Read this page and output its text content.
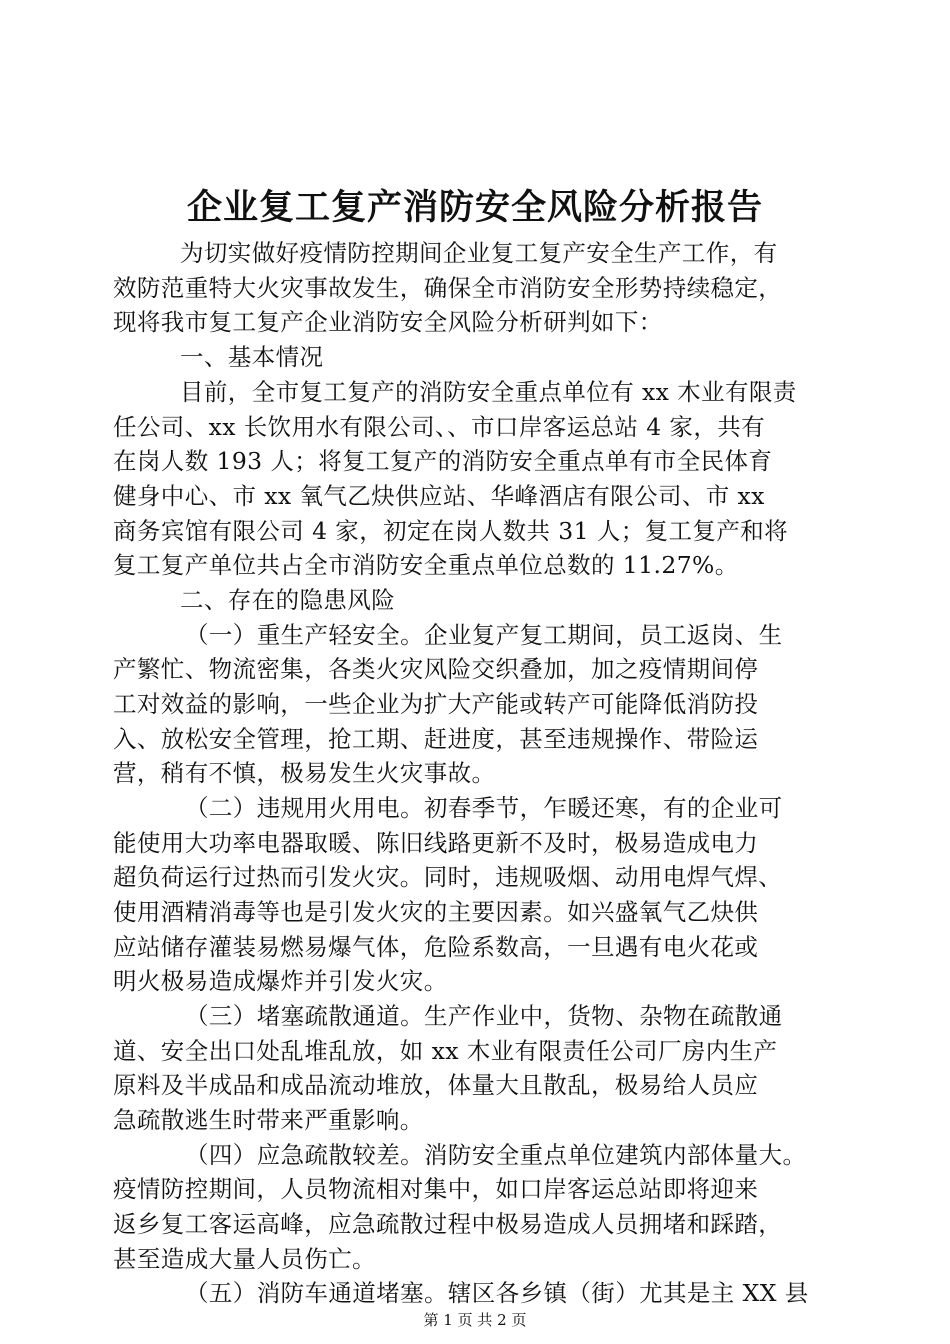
企业复工复产消防安全风险分析报告
为切实做好疫情防控期间企业复工复产安全生产工作，有
效防范重特大火灾事故发生，确保全市消防安全形势持续稳定，
现将我市复工复产企业消防安全风险分析研判如下：
一、基本情况
目前，全市复工复产的消防安全重点单位有 xx 木业有限责
任公司、xx 长饮用水有限公司、、市口岸客运总站 4 家，共有
在岗人数 193 人；将复工复产的消防安全重点单有市全民体育
健身中心、市 xx 氧气乙炔供应站、华峰酒店有限公司、市 xx
商务宾馆有限公司 4 家，初定在岗人数共 31 人；复工复产和将
复工复产单位共占全市消防安全重点单位总数的 11.27%。
二、存在的隐患风险
（一）重生产轻安全。企业复产复工期间，员工返岗、生
产繁忙、物流密集，各类火灾风险交织叠加，加之疫情期间停
工对效益的影响，一些企业为扩大产能或转产可能降低消防投
入、放松安全管理，抢工期、赶进度，甚至违规操作、带险运
营，稍有不慎，极易发生火灾事故。
（二）违规用火用电。初春季节，乍暖还寒，有的企业可
能使用大功率电器取暖、陈旧线路更新不及时，极易造成电力
超负荷运行过热而引发火灾。同时，违规吸烟、动用电焊气焊、
使用酒精消毒等也是引发火灾的主要因素。如兴盛氧气乙炔供
应站储存灌装易燃易爆气体，危险系数高，一旦遇有电火花或
明火极易造成爆炸并引发火灾。
（三）堵塞疏散通道。生产作业中，货物、杂物在疏散通
道、安全出口处乱堆乱放，如 xx 木业有限责任公司厂房内生产
原料及半成品和成品流动堆放，体量大且散乱，极易给人员应
急疏散逃生时带来严重影响。
（四）应急疏散较差。消防安全重点单位建筑内部体量大。
疫情防控期间，人员物流相对集中，如口岸客运总站即将迎来
返乡复工客运高峰，应急疏散过程中极易造成人员拥堵和踩踏，
甚至造成大量人员伤亡。
（五）消防车通道堵塞。辖区各乡镇（街）尤其是主 XX 县
第 1 页 共 2 页
